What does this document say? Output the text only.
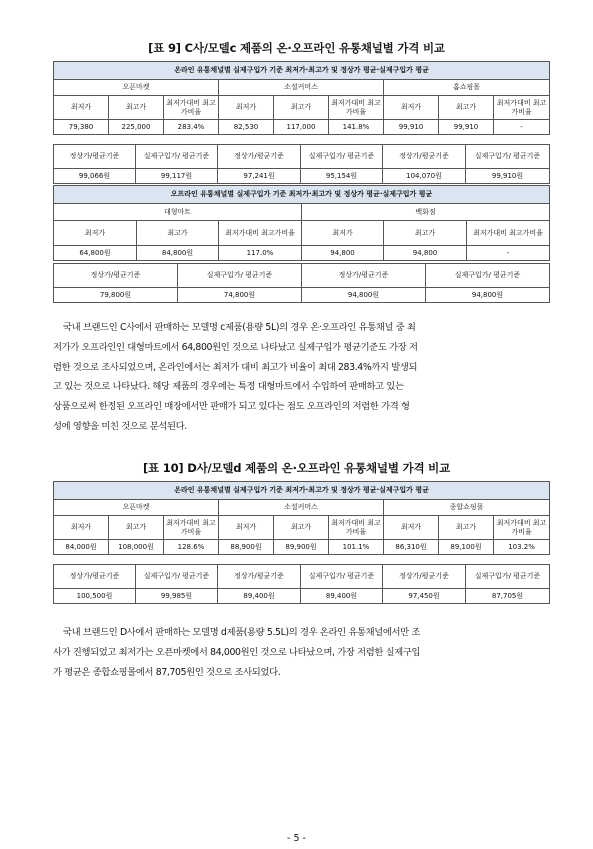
[표 9] C사/모델c 제품의 온·오프라인 유통채널별 가격 비교
온라인 유통채널별 실제구입가 기준 최저가·최고가 및 정상가 평균·실제구입가 평균								
오픈마켓			소셜커머스			홈쇼핑몰		
최저가	최고가	최저가대비 최고가비율	최저가	최고가	최저가대비 최고가비율	최저가	최고가	최저가대비 최고가비율
79,380	225,000	283.4%	82,530	117,000	141.8%	99,910	99,910	-
정상가/평균기준	실제구입가/ 평균기준	정상가/평균기준	실제구입가/ 평균기준	정상가/평균기준	실제구입가/ 평균기준
99,066원	99,117원	97,241원	95,154원	104,070원	99,910원
오프라인 유통채널별 실제구입가 기준 최저가·최고가 및 정상가 평균·실제구입가 평균					
대형마트			백화점		
최저가	최고가	최저가대비 최고가비율	최저가	최고가	최저가대비 최고가비율
64,800원	84,800원	117.0%	94,800	94,800	-
정상가/평균기준	실제구입가/ 평균기준	정상가/평균기준	실제구입가/ 평균기준
79,800원	74,800원	94,800원	94,800원
국내 브랜드인 C사에서 판매하는 모델명 c제품(용량 5L)의 경우 온·오프라인 유통채널 중 최
저가가 오프라인인 대형마트에서 64,800원인 것으로 나타났고 실제구입가 평균기준도 가장 저
렴한 것으로 조사되었으며, 온라인에서는 최저가 대비 최고가 비율이 최대 283.4%까지 발생되
고 있는 것으로 나타났다. 해당 제품의 경우에는 특정 대형마트에서 수입하여 판매하고 있는
상품으로써 한정된 오프라인 매장에서만 판매가 되고 있다는 점도 오프라인의 저렴한 가격 형
성에 영향을 미친 것으로 분석된다.
[표 10] D사/모델d 제품의 온·오프라인 유통채널별 가격 비교
온라인 유통채널별 실제구입가 기준 최저가·최고가 및 정상가 평균·실제구입가 평균								
오픈마켓			소셜커머스			종합쇼핑몰		
최저가	최고가	최저가대비 최고가비율	최저가	최고가	최저가대비 최고가비율	최저가	최고가	최저가대비 최고가비율
84,000원	108,000원	128.6%	88,900원	89,900원	101.1%	86,310원	89,100원	103.2%
정상가/평균기준	실제구입가/ 평균기준	정상가/평균기준	실제구입가/ 평균기준	정상가/평균기준	실제구입가/ 평균기준
100,500원	99,985원	89,400원	89,400원	97,450원	87,705원
국내 브랜드인 D사에서 판매하는 모델명 d제품(용량 5.5L)의 경우 온라인 유통채널에서만 조
사가 진행되었고 최저가는 오픈마켓에서 84,000원인 것으로 나타났으며, 가장 저렴한 실제구입
가 평균은 종합쇼핑몰에서 87,705원인 것으로 조사되었다.
- 5 -
